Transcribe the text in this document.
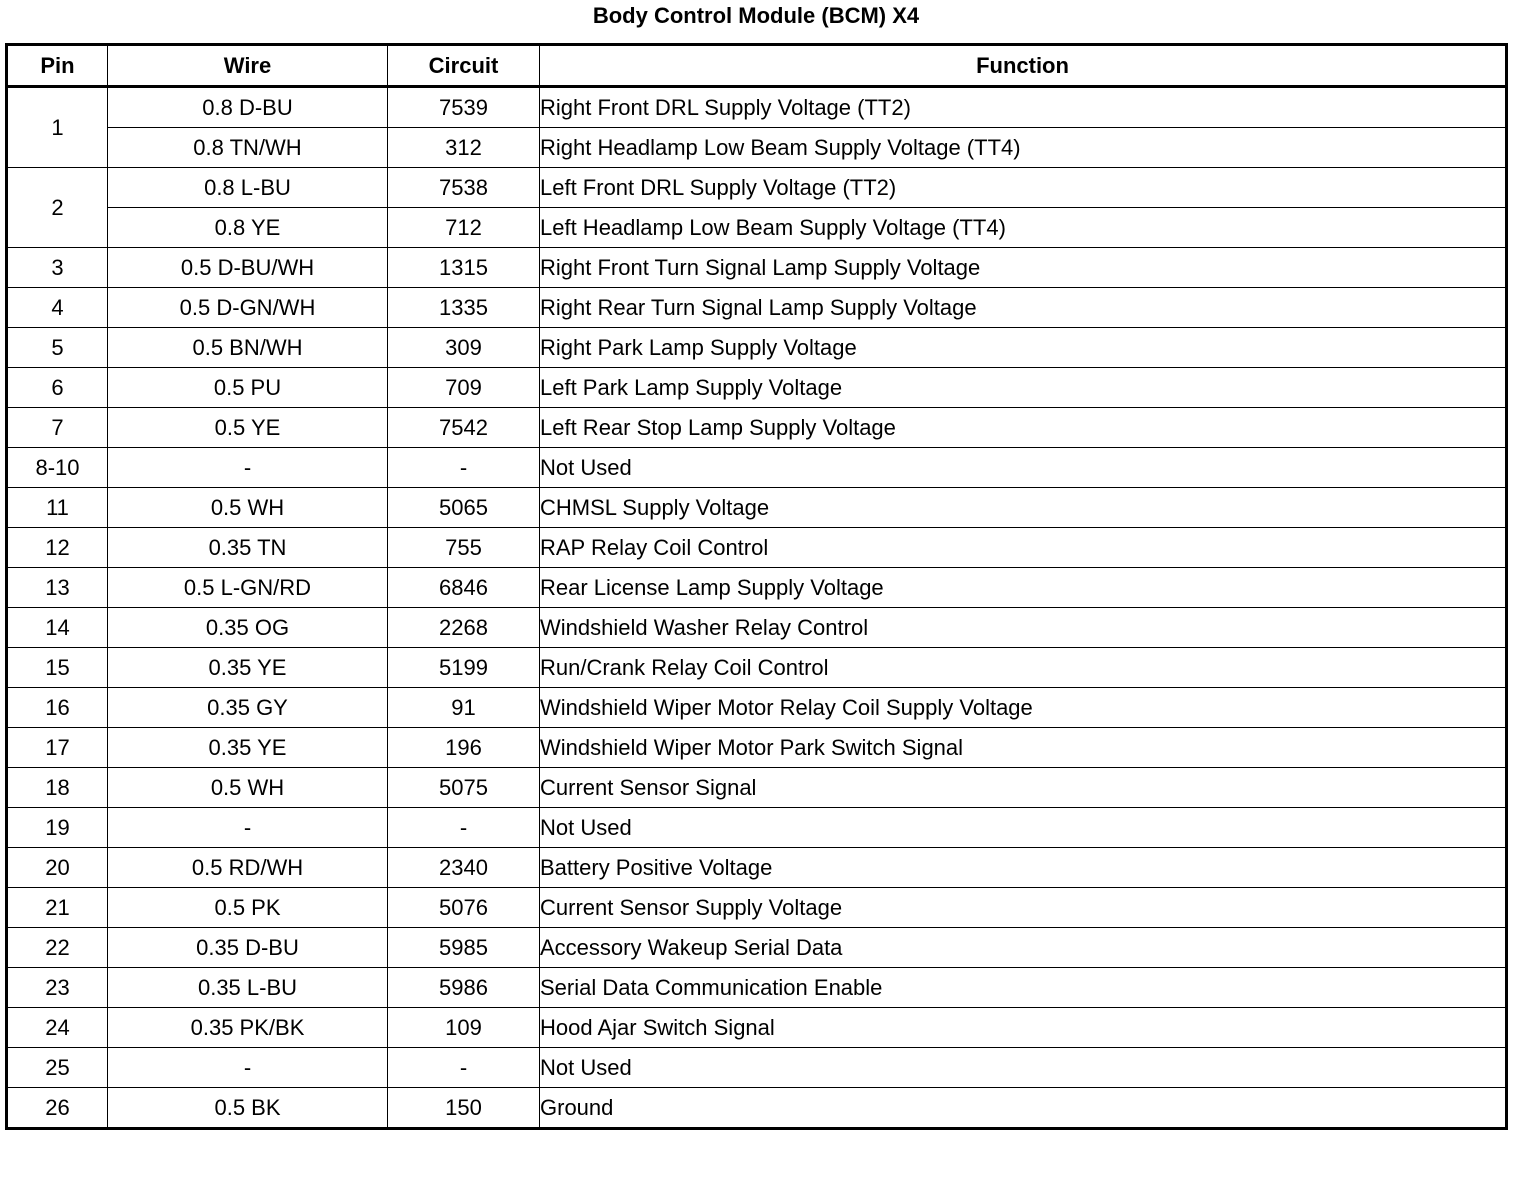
Body Control Module (BCM) X4
Pin	Wire	Circuit	Function
1	0.8 D-BU	7539	Right Front DRL Supply Voltage (TT2)
	0.8 TN/WH	312	Right Headlamp Low Beam Supply Voltage (TT4)
2	0.8 L-BU	7538	Left Front DRL Supply Voltage (TT2)
	0.8 YE	712	Left Headlamp Low Beam Supply Voltage (TT4)
3	0.5 D-BU/WH	1315	Right Front Turn Signal Lamp Supply Voltage
4	0.5 D-GN/WH	1335	Right Rear Turn Signal Lamp Supply Voltage
5	0.5 BN/WH	309	Right Park Lamp Supply Voltage
6	0.5 PU	709	Left Park Lamp Supply Voltage
7	0.5 YE	7542	Left Rear Stop Lamp Supply Voltage
8-10	-	-	Not Used
11	0.5 WH	5065	CHMSL Supply Voltage
12	0.35 TN	755	RAP Relay Coil Control
13	0.5 L-GN/RD	6846	Rear License Lamp Supply Voltage
14	0.35 OG	2268	Windshield Washer Relay Control
15	0.35 YE	5199	Run/Crank Relay Coil Control
16	0.35 GY	91	Windshield Wiper Motor Relay Coil Supply Voltage
17	0.35 YE	196	Windshield Wiper Motor Park Switch Signal
18	0.5 WH	5075	Current Sensor Signal
19	-	-	Not Used
20	0.5 RD/WH	2340	Battery Positive Voltage
21	0.5 PK	5076	Current Sensor Supply Voltage
22	0.35 D-BU	5985	Accessory Wakeup Serial Data
23	0.35 L-BU	5986	Serial Data Communication Enable
24	0.35 PK/BK	109	Hood Ajar Switch Signal
25	-	-	Not Used
26	0.5 BK	150	Ground
